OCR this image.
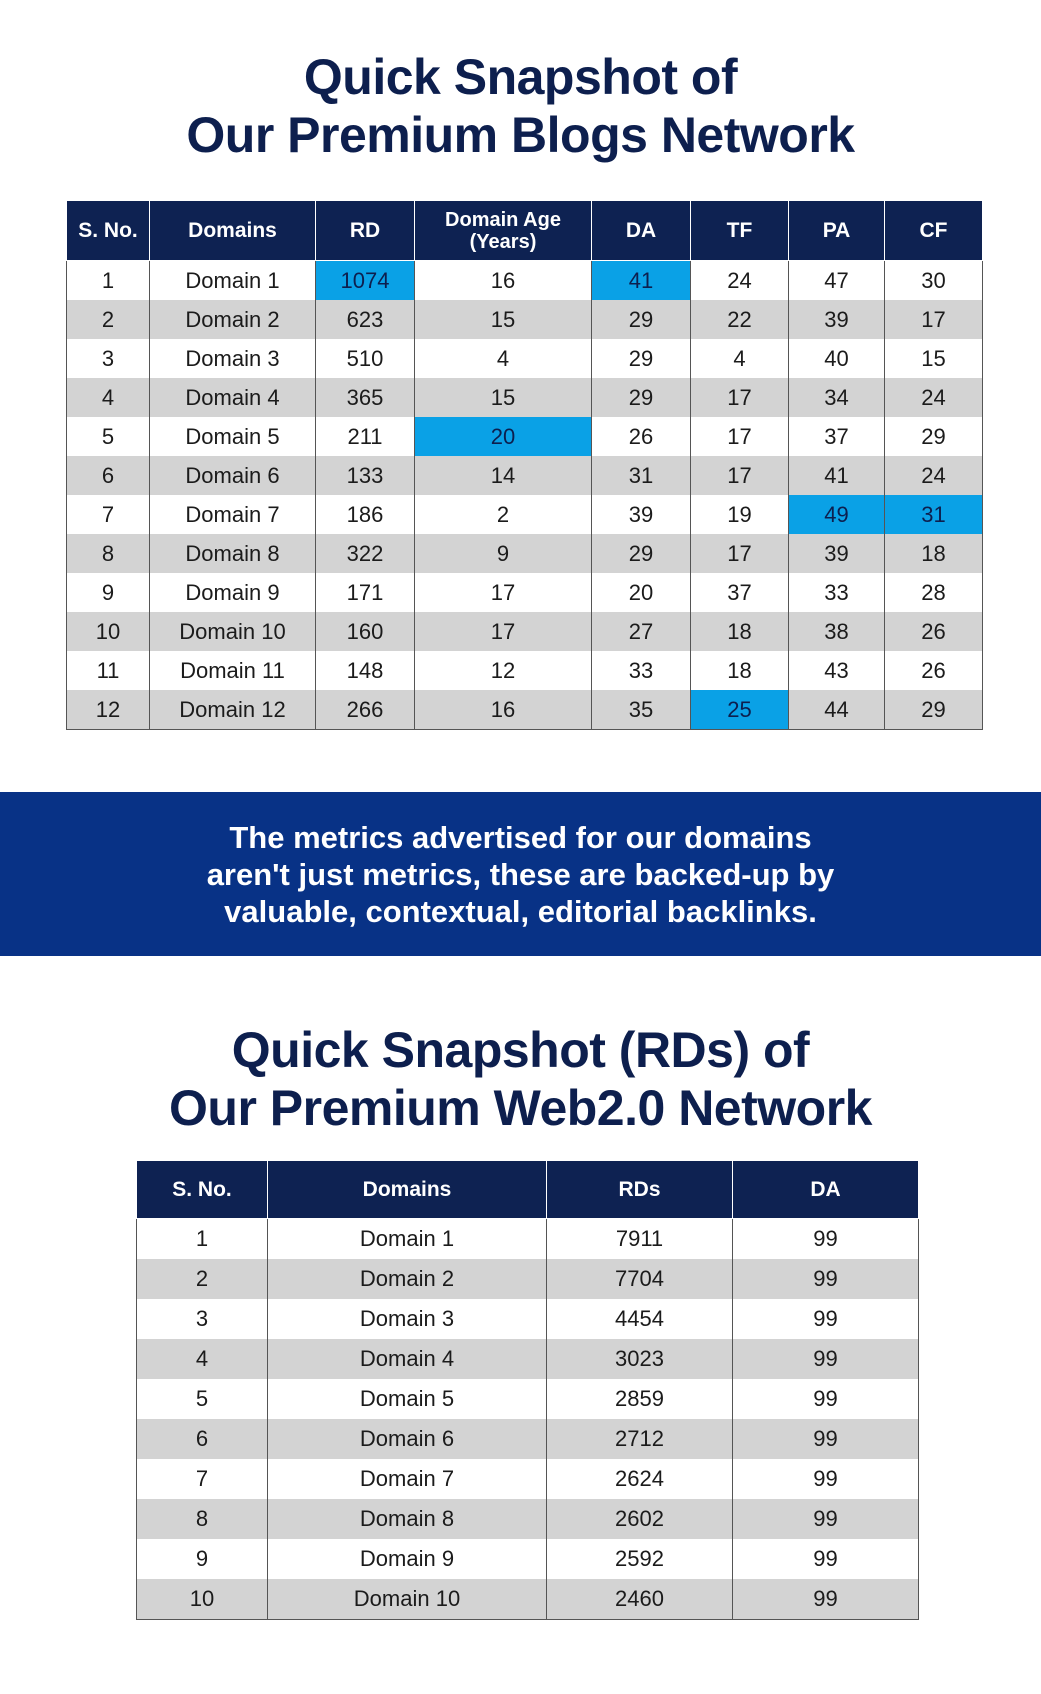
Quick Snapshot of
Our Premium Blogs Network
S. No.	Domains	RD	Domain Age (Years)	DA	TF	PA	CF
1	Domain 1	1074	16	41	24	47	30
2	Domain 2	623	15	29	22	39	17
3	Domain 3	510	4	29	4	40	15
4	Domain 4	365	15	29	17	34	24
5	Domain 5	211	20	26	17	37	29
6	Domain 6	133	14	31	17	41	24
7	Domain 7	186	2	39	19	49	31
8	Domain 8	322	9	29	17	39	18
9	Domain 9	171	17	20	37	33	28
10	Domain 10	160	17	27	18	38	26
11	Domain 11	148	12	33	18	43	26
12	Domain 12	266	16	35	25	44	29

The metrics advertised for our domains
aren't just metrics, these are backed-up by
valuable, contextual, editorial backlinks.

Quick Snapshot (RDs) of
Our Premium Web2.0 Network
S. No.	Domains	RDs	DA
1	Domain 1	7911	99
2	Domain 2	7704	99
3	Domain 3	4454	99
4	Domain 4	3023	99
5	Domain 5	2859	99
6	Domain 6	2712	99
7	Domain 7	2624	99
8	Domain 8	2602	99
9	Domain 9	2592	99
10	Domain 10	2460	99
